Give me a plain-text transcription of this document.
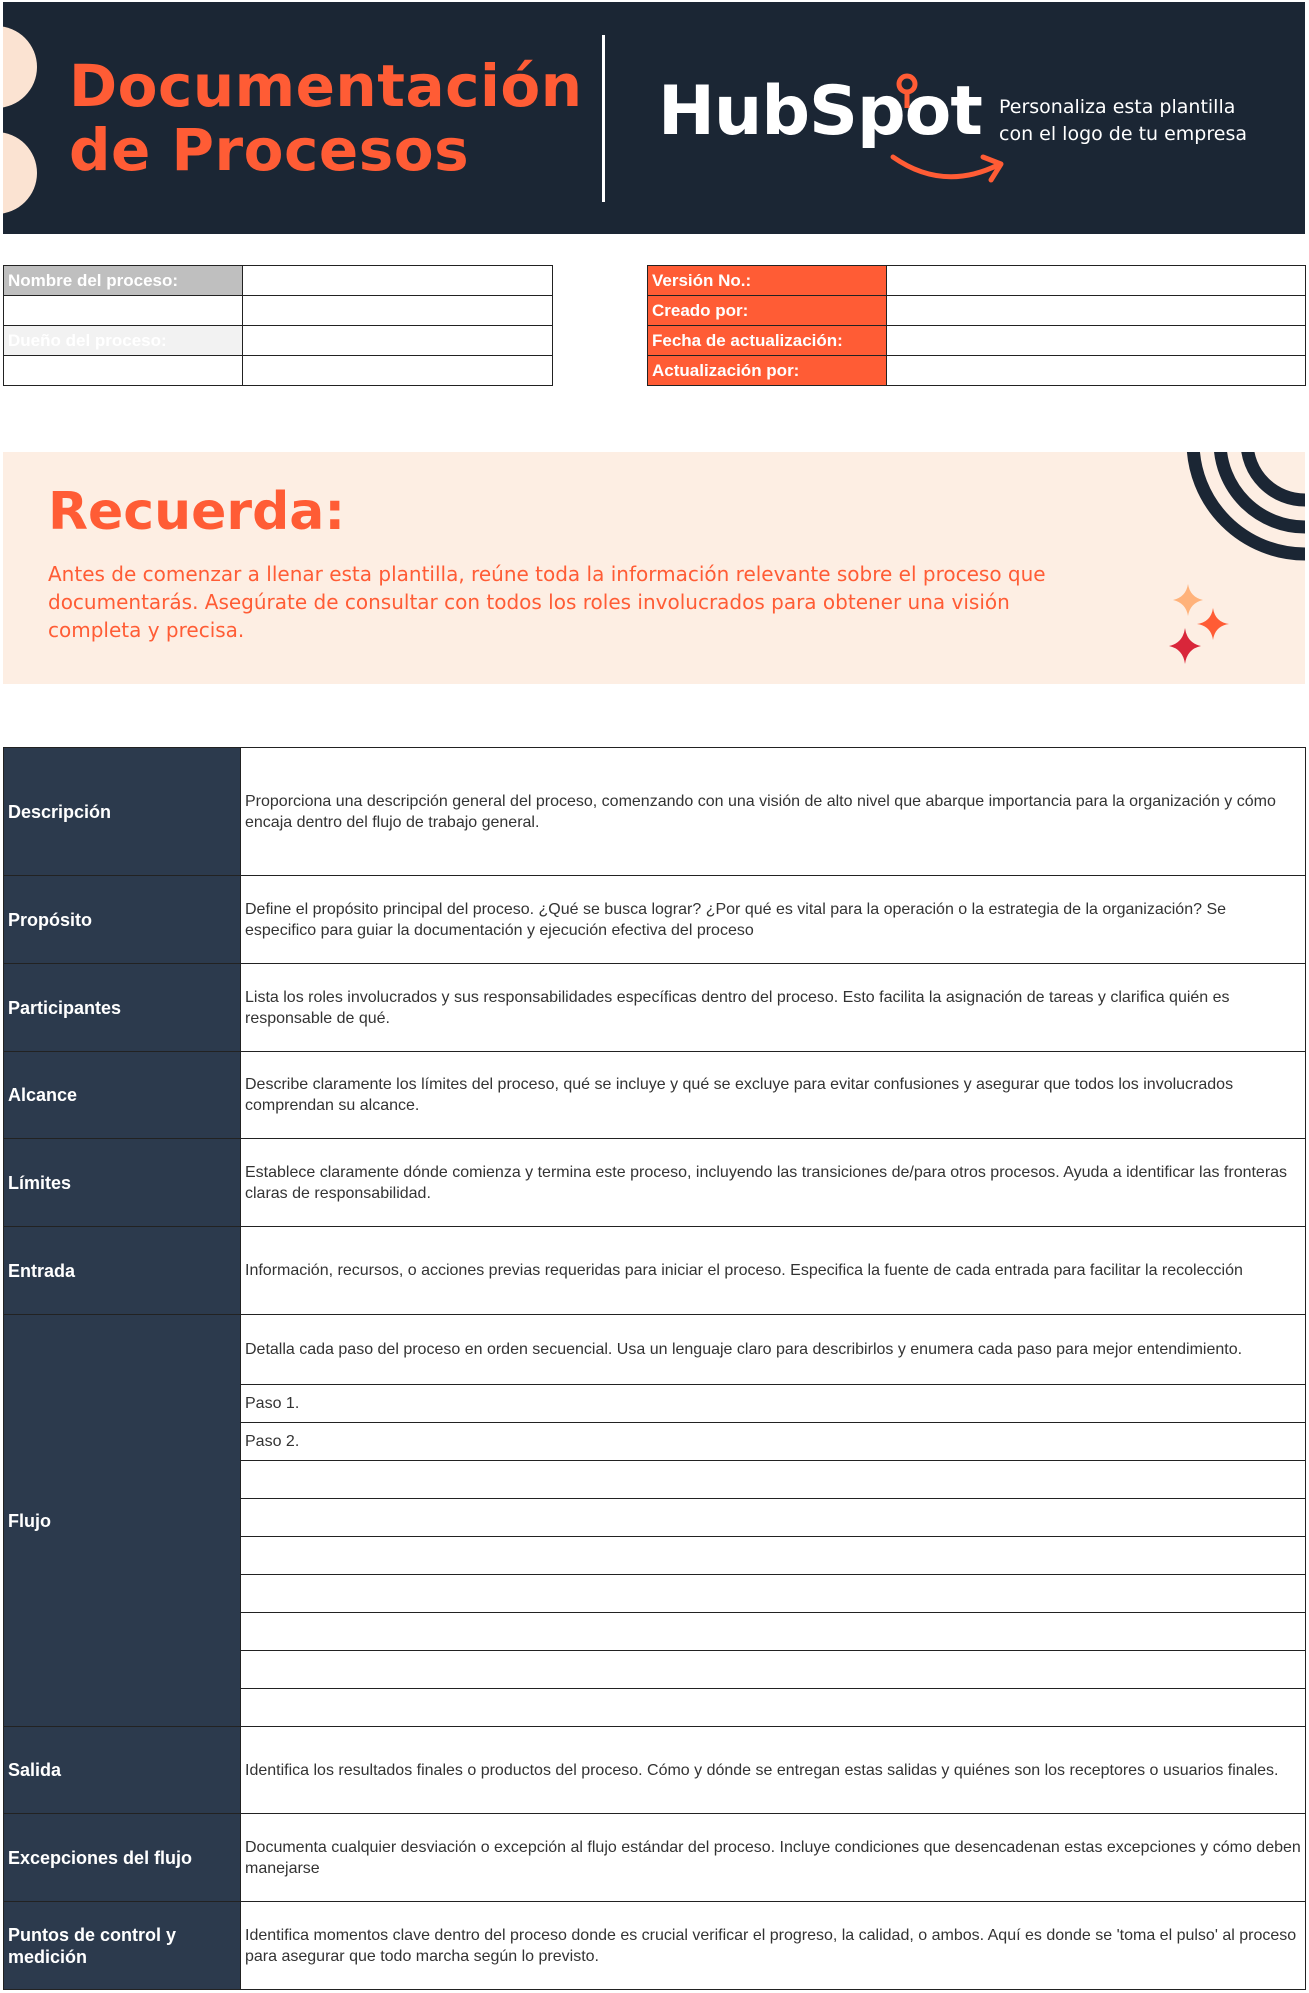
Documentación
de Procesos	HubSpot Personaliza esta plantilla
con el logo de tu empresa
Nombre del proceso:	

Dueño del proceso:	

Versión No.:	
Creado por:	
Fecha de actualización:	
Actualización por:	
Recuerda:
Antes de comenzar a llenar esta plantilla, reúne toda la información relevante sobre el proceso que documentarás. Asegúrate de consultar con todos los roles involucrados para obtener una visión completa y precisa.
Descripción	Proporciona una descripción general del proceso, comenzando con una visión de alto nivel que abarque importancia para la organización y cómo encaja dentro del flujo de trabajo general.
Propósito	Define el propósito principal del proceso. ¿Qué se busca lograr? ¿Por qué es vital para la operación o la estrategia de la organización? Se especifico para guiar la documentación y ejecución efectiva del proceso
Participantes	Lista los roles involucrados y sus responsabilidades específicas dentro del proceso. Esto facilita la asignación de tareas y clarifica quién es responsable de qué.
Alcance	Describe claramente los límites del proceso, qué se incluye y qué se excluye para evitar confusiones y asegurar que todos los involucrados comprendan su alcance.
Límites	Establece claramente dónde comienza y termina este proceso, incluyendo las transiciones de/para otros procesos. Ayuda a identificar las fronteras claras de responsabilidad.
Entrada	Información, recursos, o acciones previas requeridas para iniciar el proceso. Especifica la fuente de cada entrada para facilitar la recolección
Flujo	Detalla cada paso del proceso en orden secuencial. Usa un lenguaje claro para describirlos y enumera cada paso para mejor entendimiento.
	Paso 1.
	Paso 2.

Salida	Identifica los resultados finales o productos del proceso. Cómo y dónde se entregan estas salidas y quiénes son los receptores o usuarios finales.
Excepciones del flujo	Documenta cualquier desviación o excepción al flujo estándar del proceso. Incluye condiciones que desencadenan estas excepciones y cómo deben manejarse
Puntos de control y medición	Identifica momentos clave dentro del proceso donde es crucial verificar el progreso, la calidad, o ambos. Aquí es donde se 'toma el pulso' al proceso para asegurar que todo marcha según lo previsto.
